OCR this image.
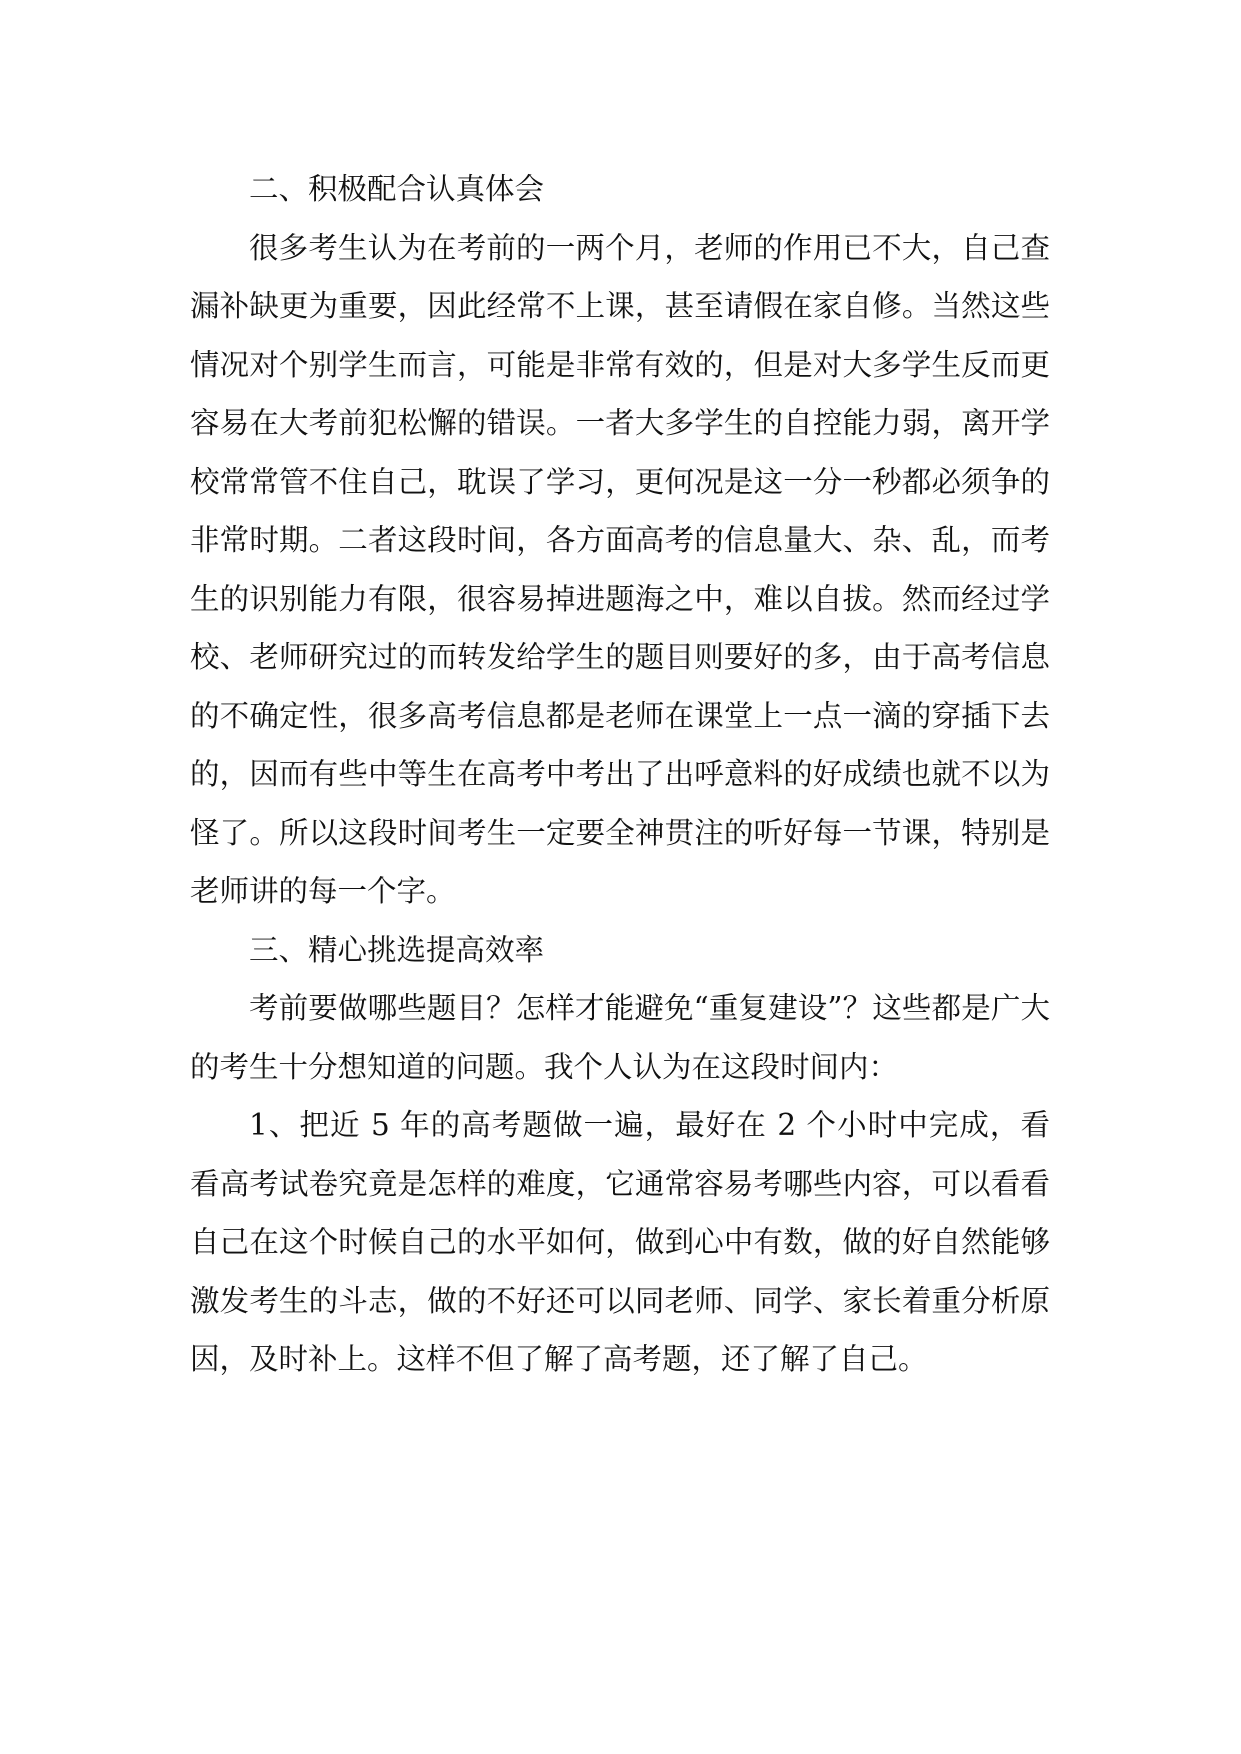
二、积极配合认真体会

很多考生认为在考前的一两个月，老师的作用已不大，自己查漏补缺更为重要，因此经常不上课，甚至请假在家自修。当然这些情况对个别学生而言，可能是非常有效的，但是对大多学生反而更容易在大考前犯松懈的错误。一者大多学生的自控能力弱，离开学校常常管不住自己，耽误了学习，更何况是这一分一秒都必须争的非常时期。二者这段时间，各方面高考的信息量大、杂、乱，而考生的识别能力有限，很容易掉进题海之中，难以自拔。然而经过学校、老师研究过的而转发给学生的题目则要好的多，由于高考信息的不确定性，很多高考信息都是老师在课堂上一点一滴的穿插下去的，因而有些中等生在高考中考出了出呼意料的好成绩也就不以为怪了。所以这段时间考生一定要全神贯注的听好每一节课，特别是老师讲的每一个字。

三、精心挑选提高效率

考前要做哪些题目？怎样才能避免“重复建设”？这些都是广大的考生十分想知道的问题。我个人认为在这段时间内：

1、把近 5 年的高考题做一遍，最好在 2 个小时中完成，看看高考试卷究竟是怎样的难度，它通常容易考哪些内容，可以看看自己在这个时候自己的水平如何，做到心中有数，做的好自然能够激发考生的斗志，做的不好还可以同老师、同学、家长着重分析原因，及时补上。这样不但了解了高考题，还了解了自己。
